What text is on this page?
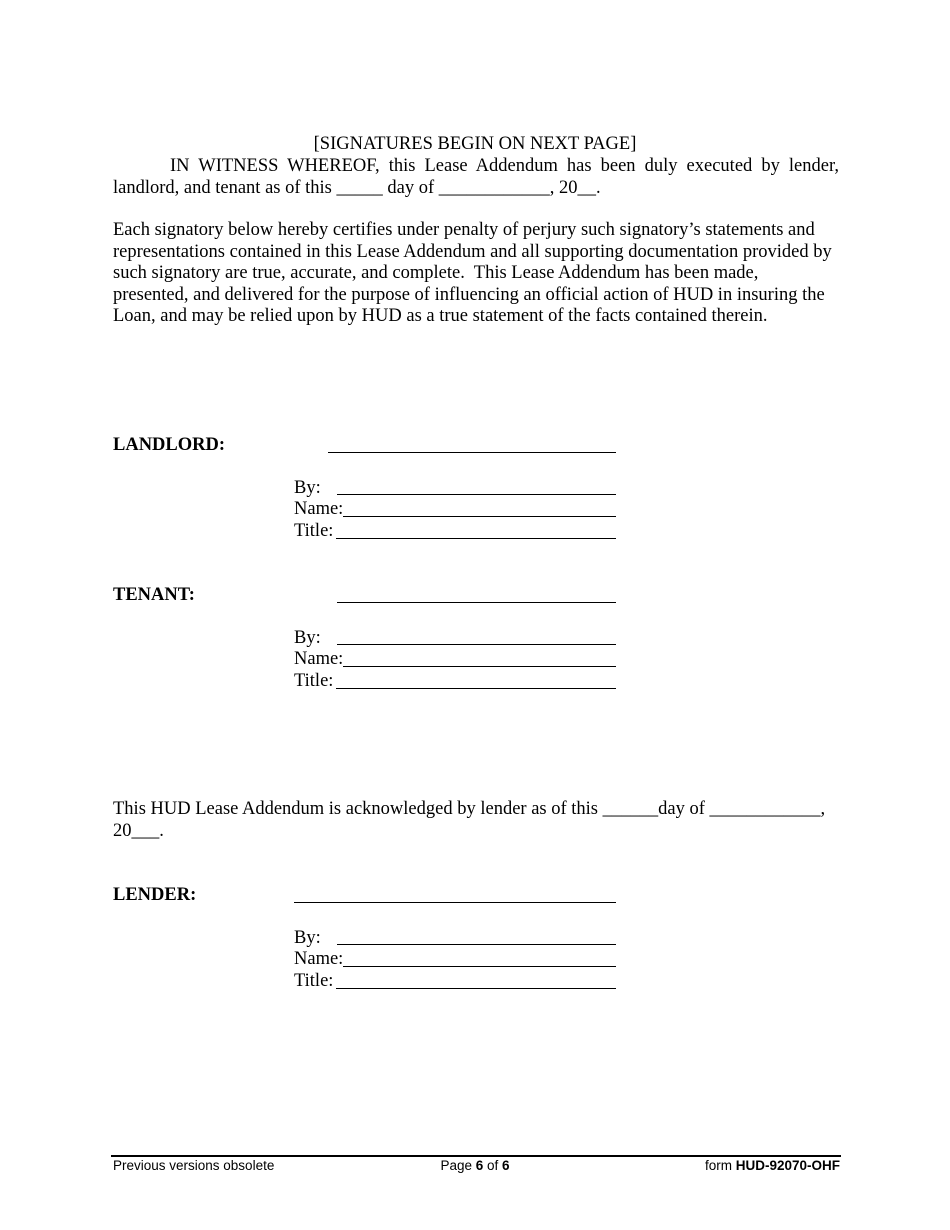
[SIGNATURES BEGIN ON NEXT PAGE]
IN WITNESS WHEREOF, this Lease Addendum has been duly executed by lender,
landlord, and tenant as of this _____ day of ____________, 20__.
Each signatory below hereby certifies under penalty of perjury such signatory’s statements and
representations contained in this Lease Addendum and all supporting documentation provided by
such signatory are true, accurate, and complete.  This Lease Addendum has been made,
presented, and delivered for the purpose of influencing an official action of HUD in insuring the
Loan, and may be relied upon by HUD as a true statement of the facts contained therein.
LANDLORD:
By:
Name:
Title:
TENANT:
By:
Name:
Title:
This HUD Lease Addendum is acknowledged by lender as of this ______day of ____________,
20___.
LENDER:
By:
Name:
Title:
Previous versions obsolete	Page 6 of 6	form HUD-92070-OHF
